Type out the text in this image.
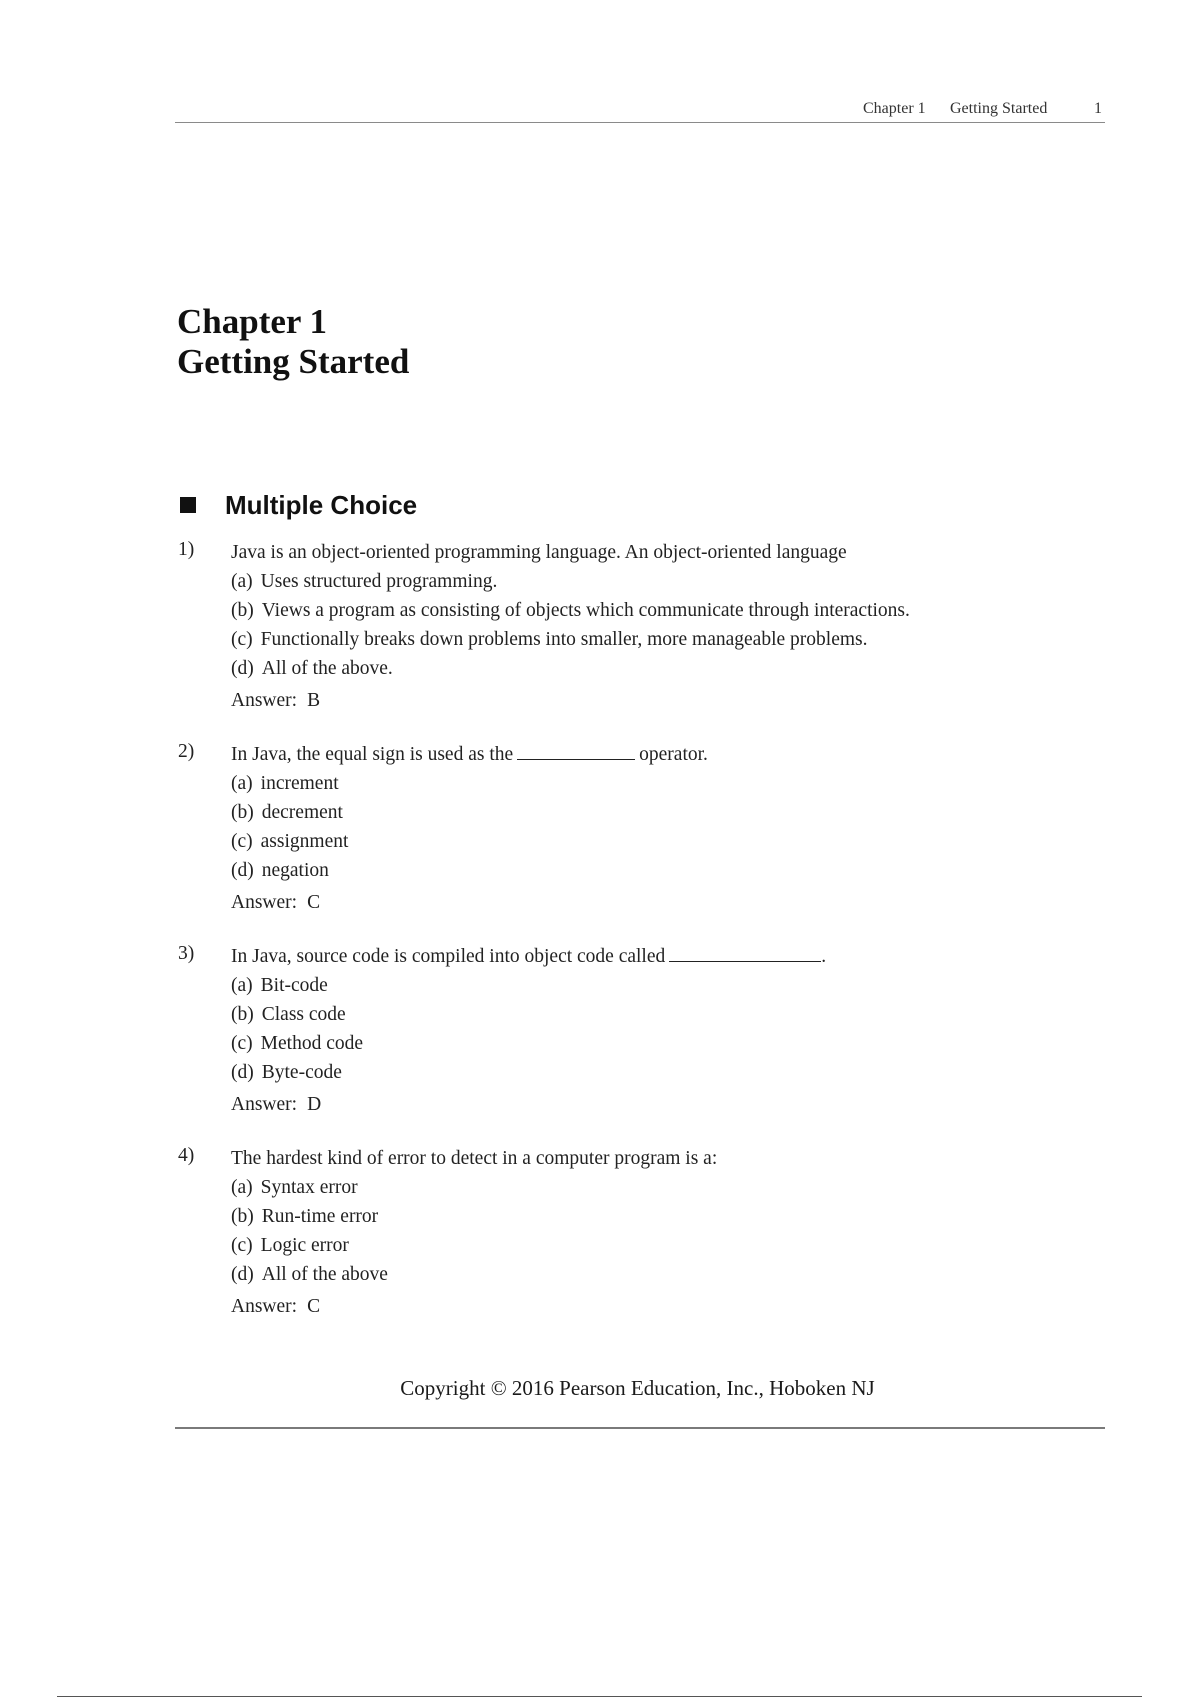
Chapter 1 Getting Started	1
Chapter 1
Getting Started
Multiple Choice
1) Java is an object-oriented programming language. An object-oriented language
(a) Uses structured programming.
(b) Views a program as consisting of objects which communicate through interactions.
(c) Functionally breaks down problems into smaller, more manageable problems.
(d) All of the above.
Answer: B
2) In Java, the equal sign is used as the	operator.
(a) increment
(b) decrement
(c) assignment
(d) negation
Answer: C
3) In Java, source code is compiled into object code called	.
(a) Bit-code
(b) Class code
(c) Method code
(d) Byte-code
Answer: D
4) The hardest kind of error to detect in a computer program is a:
(a) Syntax error
(b) Run-time error
(c) Logic error
(d) All of the above
Answer: C
Copyright © 2016 Pearson Education, Inc., Hoboken NJ
